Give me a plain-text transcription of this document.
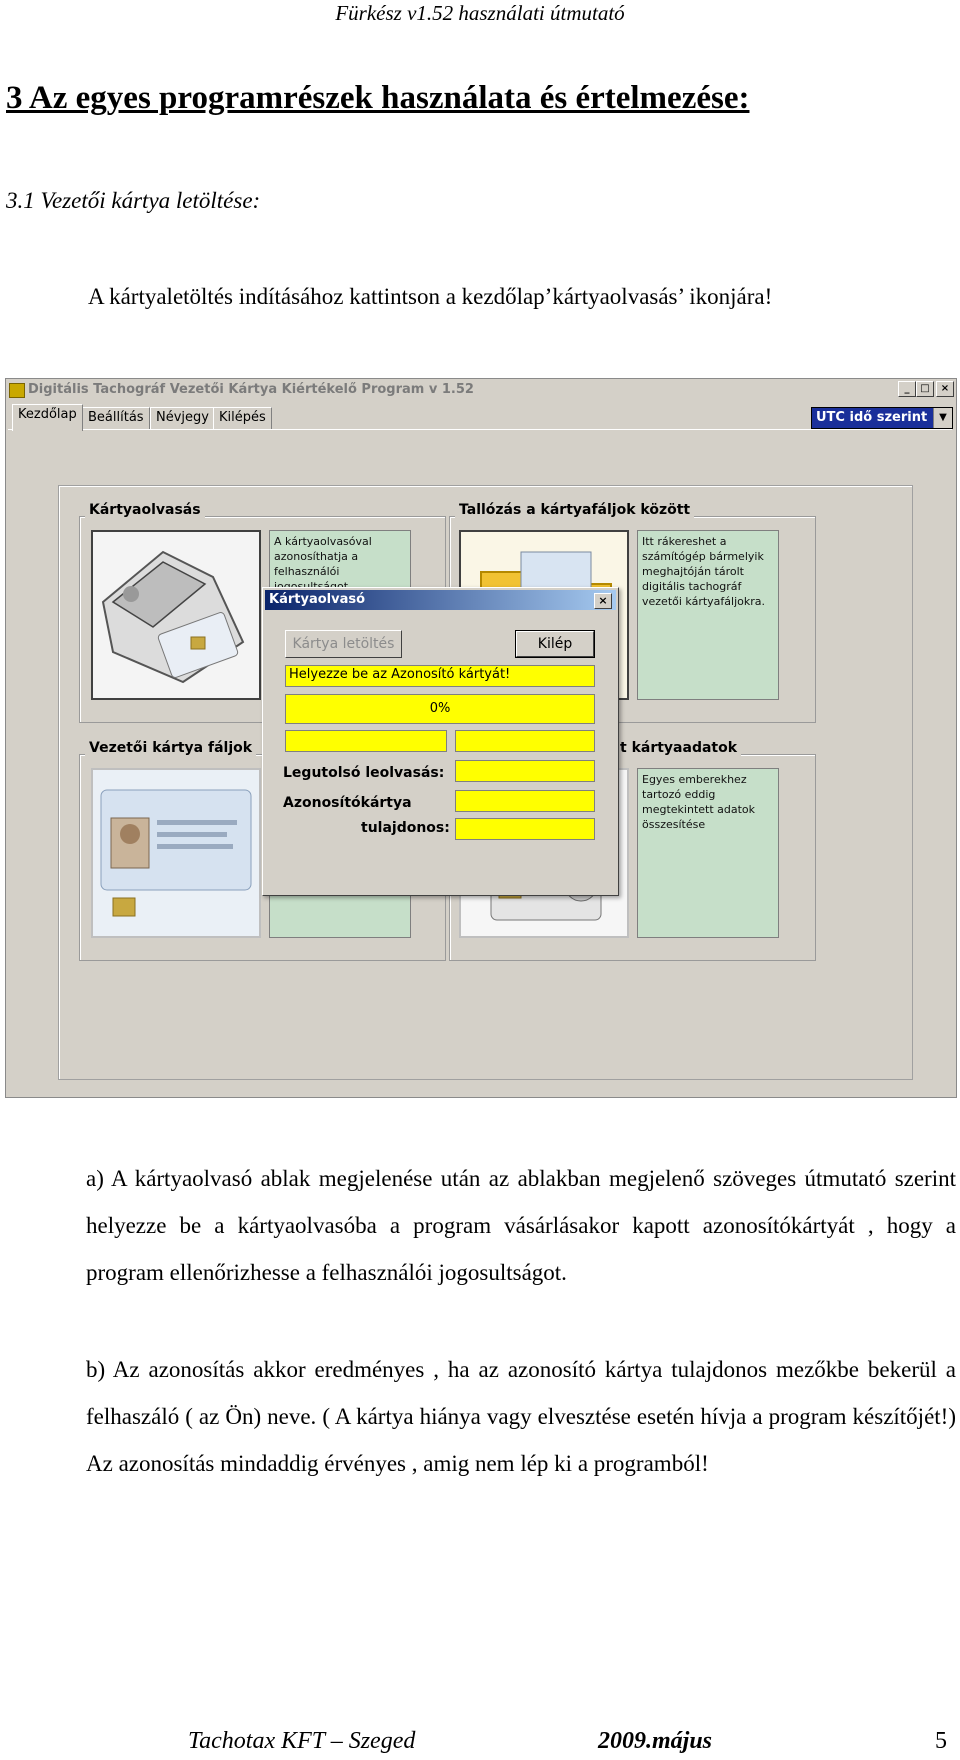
Fürkész v1.52 használati útmutató
3 Az egyes programrészek használata és értelmezése:
3.1 Vezetői kártya letöltése:
A kártyaletöltés indításához kattintson a kezdőlap’kártyaolvasás’ ikonjára!
Digitális Tachográf Vezetői Kártya Kiértékelő Program v 1.52	_	□	×
Kezdőlap Beállítás Névjegy Kilépés	UTC idő szerint	▼
Kártyaolvasás
A kártyaolvasóval azonosíthatja a felhasználói
Tallózás a kártyafáljok között
Itt rákereshet a számítógép bármelyik meghajtóján tárolt digitális tachográf vezetői kártyafáljokra.
Vezetői kártya fáljok	t kártyaadatok
Egyes emberekhez tartozó eddig megtekintett adatok összesítése
Kártyaolvasó	×
Kártya letöltés	Kilép
Helyezze be az Azonosító kártyát!
0%
Legutolsó leolvasás:
Azonosítókártya
tulajdonos:
a) A kártyaolvasó ablak megjelenése után az ablakban megjelenő szöveges útmutató szerint helyezze be a kártyaolvasóba a program vásárlásakor kapott azonosítókártyát , hogy a program ellenőrizhesse a felhasználói jogosultságot.
b) Az azonosítás akkor eredményes , ha az azonosító kártya tulajdonos mezőkbe bekerül a felhaszáló ( az Ön) neve. ( A kártya hiánya vagy elvesztése esetén hívja a program készítőjét!) Az azonosítás mindaddig érvényes , amig nem lép ki a programból!
Tachotax KFT – Szeged	2009.május	5
